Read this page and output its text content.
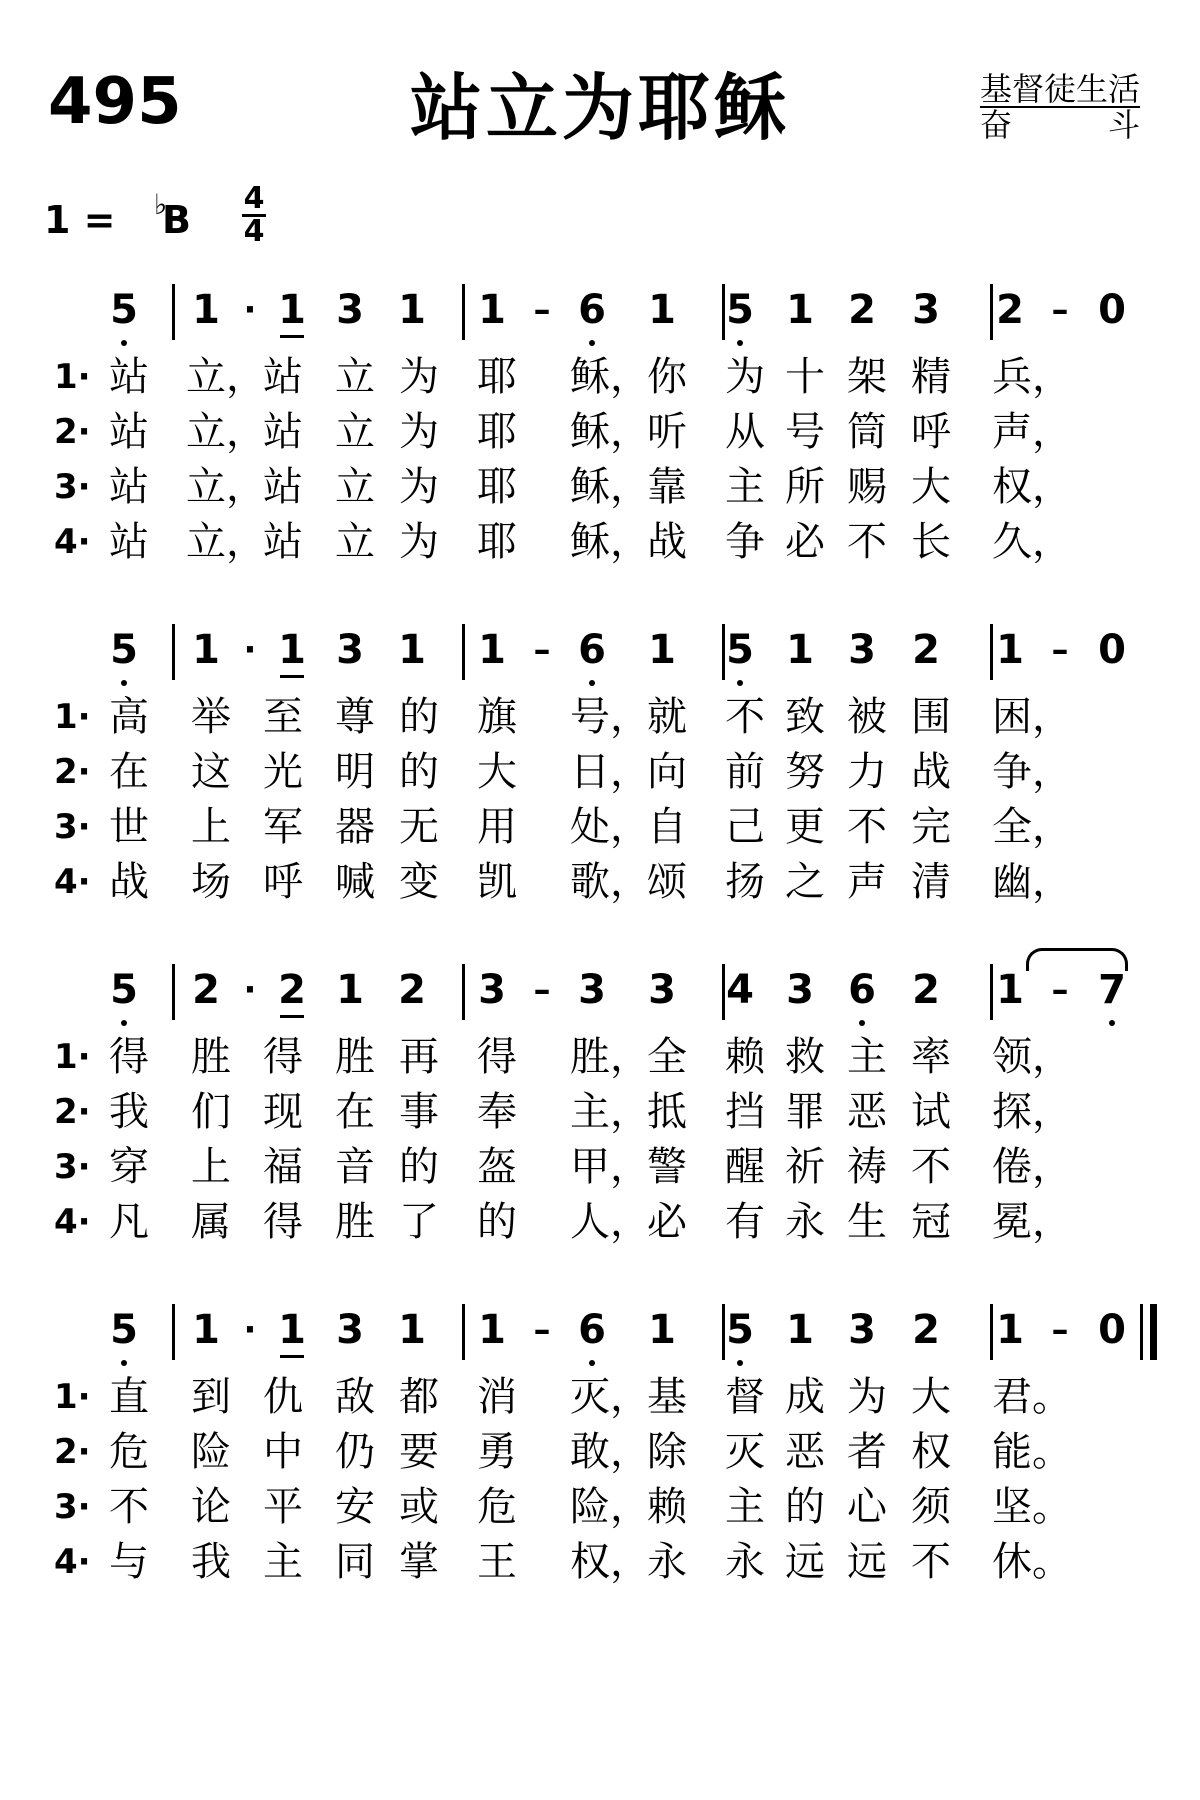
495	站立为耶稣	基督徒生活
奋	斗
1 = ♭
B 4
4
5 1 · 1 3 1 1 – 6 1 5 1 2 3 2 – 0
1· 站 立，
站 立 为 耶 稣，
你 为 十 架 精 兵，
2· 站 立，
站 立 为 耶 稣，
听 从 号 筒 呼 声，
3· 站 立，
站 立 为 耶 稣，
靠 主 所 赐 大 权，
4· 站 立，
站 立 为 耶 稣，
战 争 必 不 长 久，
5 1 · 1 3 1 1 – 6 1 5 1 3 2 1 – 0
1· 高 举 至 尊 的 旗 号，
就 不 致 被 围 困，
2· 在 这 光 明 的 大 日，
向 前 努 力 战 争，
3· 世 上 军 器 无 用 处，
自 己 更 不 完 全，
4· 战 场 呼 喊 变 凯 歌，
颂 扬 之 声 清 幽，
5 2 · 2 1 2 3 – 3 3 4 3 6 2 1 – 7
1· 得 胜 得 胜 再 得 胜，
全 赖 救 主 率 领，
2· 我 们 现 在 事 奉 主，
抵 挡 罪 恶 试 探，
3· 穿 上 福 音 的 盔 甲，
警 醒 祈 祷 不 倦，
4· 凡 属 得 胜 了 的 人，
必 有 永 生 冠 冕，
5 1 · 1 3 1 1 – 6 1 5 1 3 2 1 – 0
1· 直 到 仇 敌 都 消 灭，
基 督 成 为 大 君。
2· 危 险 中 仍 要 勇 敢，
除 灭 恶 者 权 能。
3· 不 论 平 安 或 危 险，
赖 主 的 心 须 坚。
4· 与 我 主 同 掌 王 权，
永 永 远 远 不 休。
